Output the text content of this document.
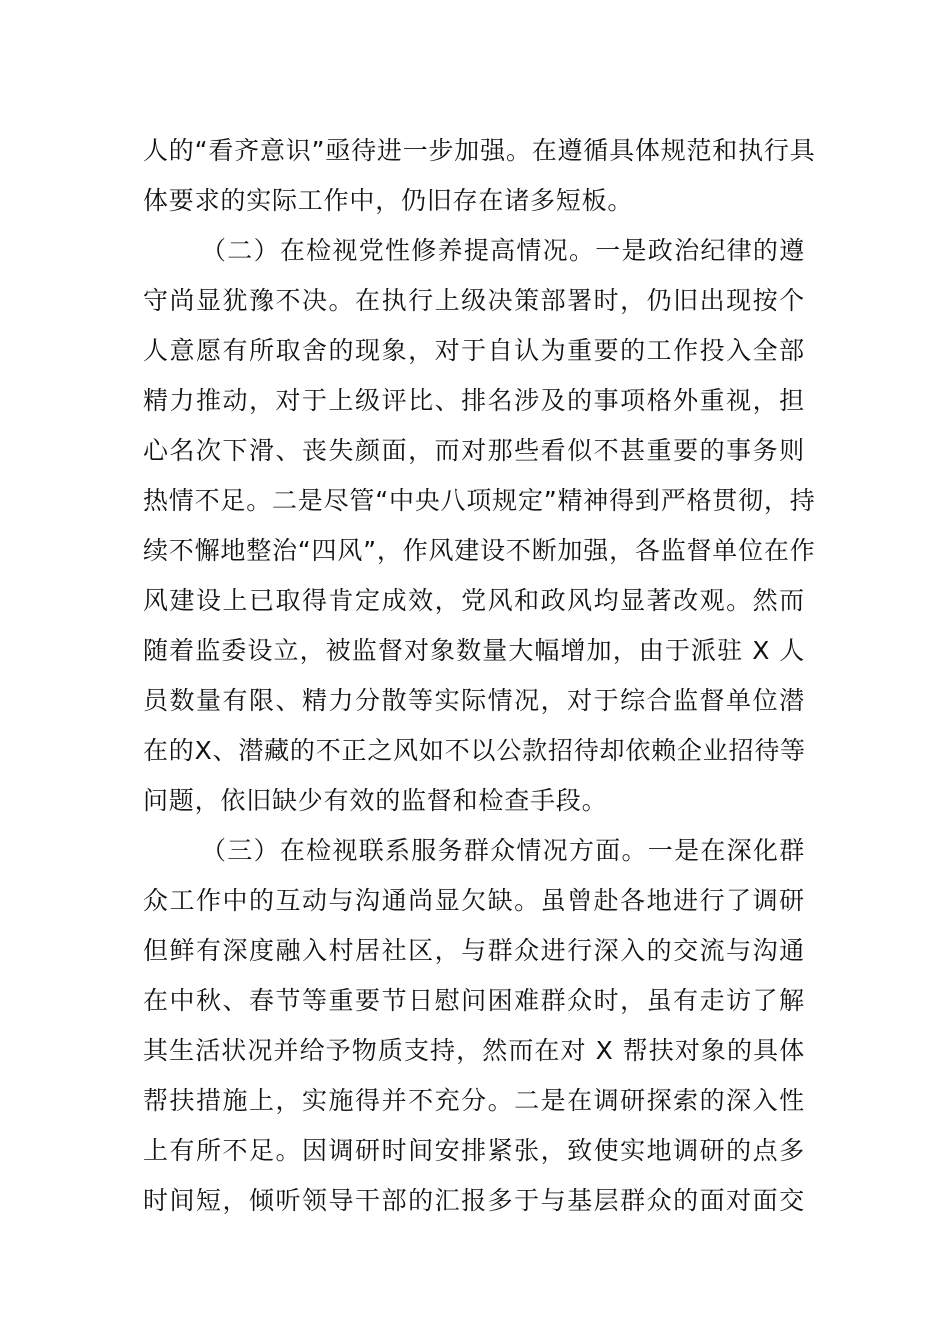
人的“看齐意识”亟待进一步加强。在遵循具体规范和执行具
体要求的实际工作中，仍旧存在诸多短板。
（二）在检视党性修养提高情况。一是政治纪律的遵
守尚显犹豫不决。在执行上级决策部署时，仍旧出现按个
人意愿有所取舍的现象，对于自认为重要的工作投入全部
精力推动，对于上级评比、排名涉及的事项格外重视，担
心名次下滑、丧失颜面，而对那些看似不甚重要的事务则
热情不足。二是尽管“中央八项规定”精神得到严格贯彻，持
续不懈地整治“四风”，作风建设不断加强，各监督单位在作
风建设上已取得肯定成效，党风和政风均显著改观。然而
随着监委设立，被监督对象数量大幅增加，由于派驻 X 人
员数量有限、精力分散等实际情况，对于综合监督单位潜
在的X、潜藏的不正之风如不以公款招待却依赖企业招待等
问题，依旧缺少有效的监督和检查手段。
（三）在检视联系服务群众情况方面。一是在深化群
众工作中的互动与沟通尚显欠缺。虽曾赴各地进行了调研
但鲜有深度融入村居社区，与群众进行深入的交流与沟通
在中秋、春节等重要节日慰问困难群众时，虽有走访了解
其生活状况并给予物质支持，然而在对 X 帮扶对象的具体
帮扶措施上，实施得并不充分。二是在调研探索的深入性
上有所不足。因调研时间安排紧张，致使实地调研的点多
时间短，倾听领导干部的汇报多于与基层群众的面对面交
